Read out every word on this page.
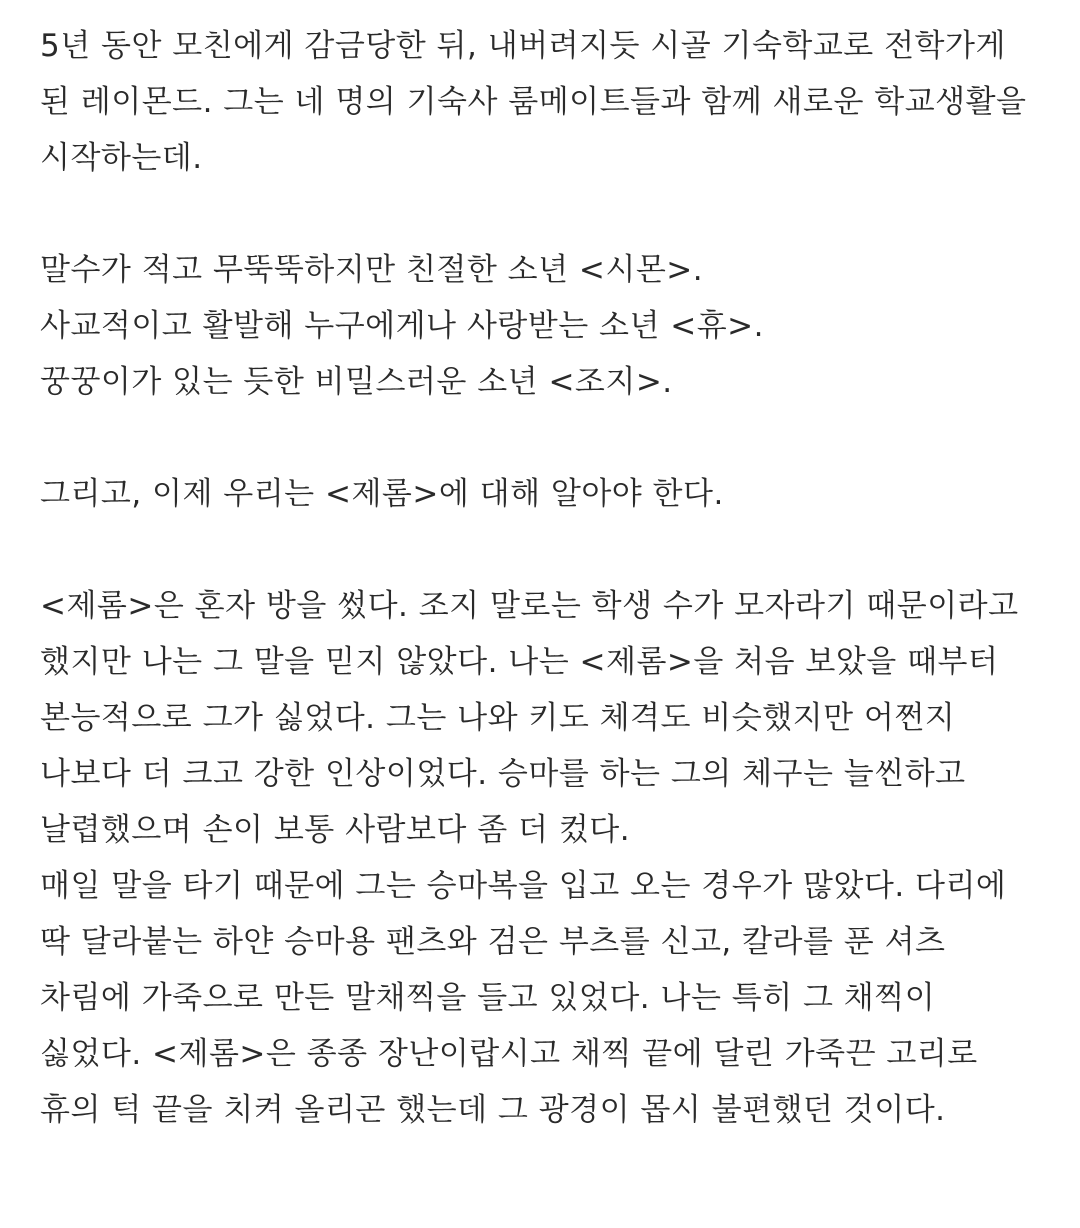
5년 동안 모친에게 감금당한 뒤, 내버려지듯 시골 기숙학교로 전학가게
된 레이몬드. 그는 네 명의 기숙사 룸메이트들과 함께 새로운 학교생활을
시작하는데.

말수가 적고 무뚝뚝하지만 친절한 소년 <시몬>.
사교적이고 활발해 누구에게나 사랑받는 소년 <휴>.
꿍꿍이가 있는 듯한 비밀스러운 소년 <조지>.

그리고, 이제 우리는 <제롬>에 대해 알아야 한다.

<제롬>은 혼자 방을 썼다. 조지 말로는 학생 수가 모자라기 때문이라고
했지만 나는 그 말을 믿지 않았다. 나는 <제롬>을 처음 보았을 때부터
본능적으로 그가 싫었다. 그는 나와 키도 체격도 비슷했지만 어쩐지
나보다 더 크고 강한 인상이었다. 승마를 하는 그의 체구는 늘씬하고
날렵했으며 손이 보통 사람보다 좀 더 컸다.
매일 말을 타기 때문에 그는 승마복을 입고 오는 경우가 많았다. 다리에
딱 달라붙는 하얀 승마용 팬츠와 검은 부츠를 신고, 칼라를 푼 셔츠
차림에 가죽으로 만든 말채찍을 들고 있었다. 나는 특히 그 채찍이
싫었다. <제롬>은 종종 장난이랍시고 채찍 끝에 달린 가죽끈 고리로
휴의 턱 끝을 치켜 올리곤 했는데 그 광경이 몹시 불편했던 것이다.
